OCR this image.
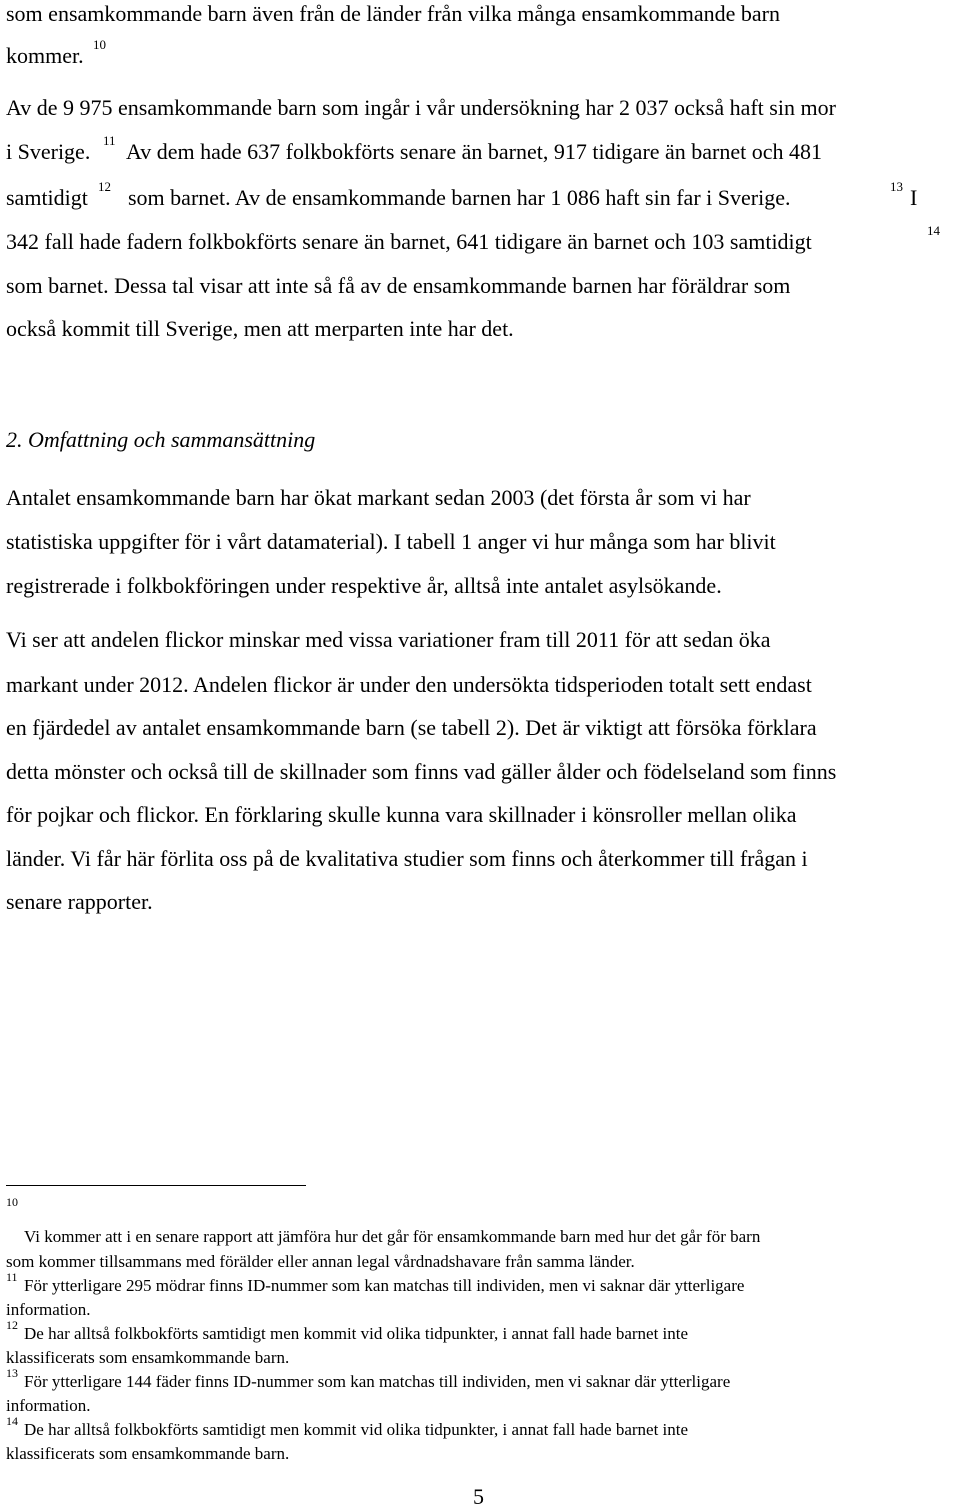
som ensamkommande barn även från de länder från vilka många ensamkommande barn
kommer. 10
Av de 9 975 ensamkommande barn som ingår i vår undersökning har 2 037 också haft sin mor
i Sverige. 11 Av dem hade 637 folkbokförts senare än barnet, 917 tidigare än barnet och 481
samtidigt 12 som barnet. Av de ensamkommande barnen har 1 086 haft sin far i Sverige.	13 I
342 fall hade fadern folkbokförts senare än barnet, 641 tidigare än barnet och 103 samtidigt	14
som barnet. Dessa tal visar att inte så få av de ensamkommande barnen har föräldrar som
också kommit till Sverige, men att merparten inte har det.
2. Omfattning och sammansättning
Antalet ensamkommande barn har ökat markant sedan 2003 (det första år som vi har
statistiska uppgifter för i vårt datamaterial). I tabell 1 anger vi hur många som har blivit
registrerade i folkbokföringen under respektive år, alltså inte antalet asylsökande.
Vi ser att andelen flickor minskar med vissa variationer fram till 2011 för att sedan öka
markant under 2012. Andelen flickor är under den undersökta tidsperioden totalt sett endast
en fjärdedel av antalet ensamkommande barn (se tabell 2). Det är viktigt att försöka förklara
detta mönster och också till de skillnader som finns vad gäller ålder och födelseland som finns
för pojkar och flickor. En förklaring skulle kunna vara skillnader i könsroller mellan olika
länder. Vi får här förlita oss på de kvalitativa studier som finns och återkommer till frågan i
senare rapporter.
10
Vi kommer att i en senare rapport att jämföra hur det går för ensamkommande barn med hur det går för barn
som kommer tillsammans med förälder eller annan legal vårdnadshavare från samma länder.
11 För ytterligare 295 mödrar finns ID-nummer som kan matchas till individen, men vi saknar där ytterligare
information.
12 De har alltså folkbokförts samtidigt men kommit vid olika tidpunkter, i annat fall hade barnet inte
klassificerats som ensamkommande barn.
13 För ytterligare 144 fäder finns ID-nummer som kan matchas till individen, men vi saknar där ytterligare
information.
14 De har alltså folkbokförts samtidigt men kommit vid olika tidpunkter, i annat fall hade barnet inte
klassificerats som ensamkommande barn.
5
